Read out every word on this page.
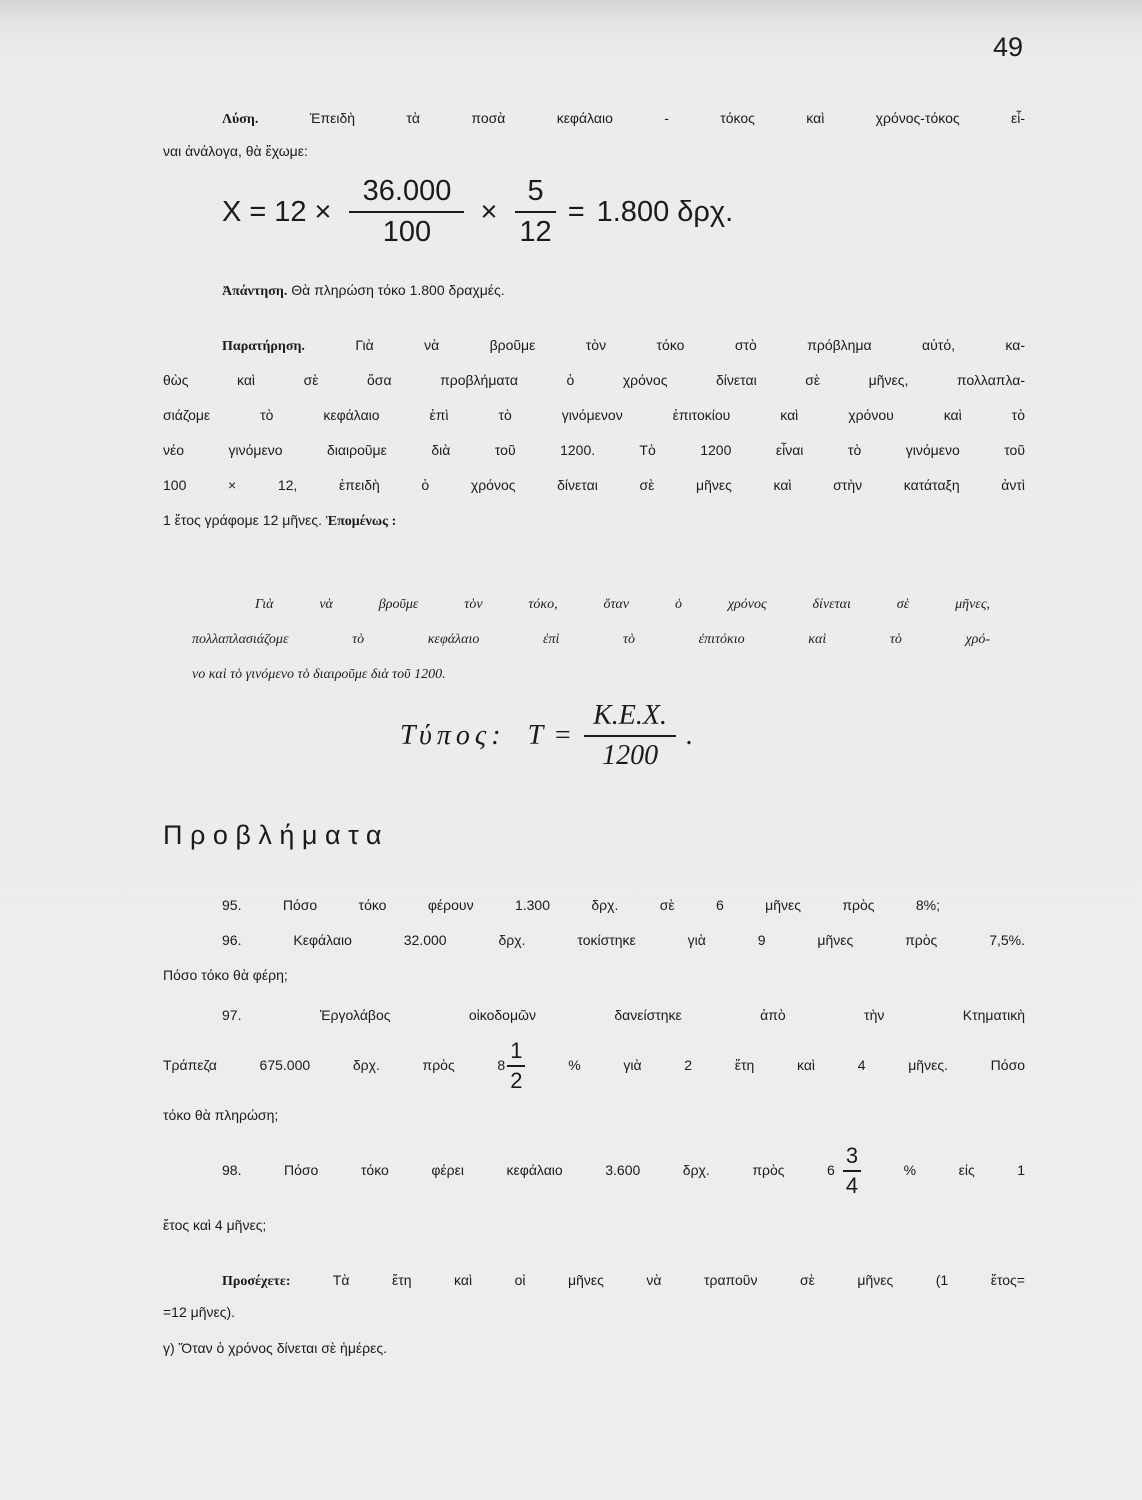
49
Λύση.	Ἐπειδὴ τὰ ποσὰ κεφάλαιο - τόκος καὶ χρόνος-τόκος εἶ-
ναι ἀνάλογα, θὰ ἔχωμε:
$X = 12 \times \frac{36.000}{100} \times \frac{5}{12} = 1.800$ δρχ.
Ἀπάντηση. Θὰ πληρώση τόκο 1.800 δραχμές.
Παρατήρηση.	Γιὰ νὰ βροῦμε τὸν τόκο στὸ πρόβλημα αὐτό, κα-
θὼς καὶ σὲ ὅσα προβλήματα ὁ χρόνος δίνεται σὲ μῆνες, πολλαπλα-
σιάζομε τὸ κεφάλαιο ἐπὶ τὸ γινόμενον ἐπιτοκίου καὶ χρόνου καὶ τὸ
νέο γινόμενο διαιροῦμε διὰ τοῦ 1200. Τὸ 1200 εἶναι τὸ γινόμενο τοῦ
100 × 12, ἐπειδὴ ὁ χρόνος δίνεται σὲ μῆνες καὶ στὴν κατάταξη ἀντὶ
1 ἔτος γράφομε 12 μῆνες. Ἑπομένως :
Γιὰ νὰ βροῦμε τὸν τόκο, ὅταν ὁ χρόνος δίνεται σὲ μῆνες,
πολλαπλασιάζομε τὸ κεφάλαιο ἐπὶ τὸ ἐπιτόκιο καὶ τὸ χρό-
νο καὶ τὸ γινόμενο τὸ διαιροῦμε διὰ τοῦ 1200.
Τύπος: $T = \frac{K.E.X.}{1200}$ .
Προβλήματα
95.	Πόσο τόκο φέρουν 1.300 δρχ. σὲ 6 μῆνες πρὸς 8%;
96.	Κεφάλαιο 32.000 δρχ. τοκίστηκε γιὰ 9 μῆνες πρὸς 7,5%.
Πόσο τόκο θὰ φέρη;
97.	Ἐργολάβος οἰκοδομῶν δανείστηκε ἀπὸ τὴν Κτηματικὴ
Τράπεζα 675.000 δρχ. πρὸς $8 \frac{1}{2}$	% γιὰ 2 ἔτη καὶ 4 μῆνες. Πόσο
τόκο θὰ πληρώση;
98.	Πόσο τόκο φέρει κεφάλαιο 3.600 δρχ. πρὸς $6 \frac{3}{4}$	% εἰς 1
ἔτος καὶ 4 μῆνες;
Προσέχετε:	Τὰ ἔτη καὶ οἱ μῆνες νὰ τραποῦν σὲ μῆνες (1 ἔτος=
=12 μῆνες).
γ) Ὅταν ὁ χρόνος δίνεται σὲ ἡμέρες.
